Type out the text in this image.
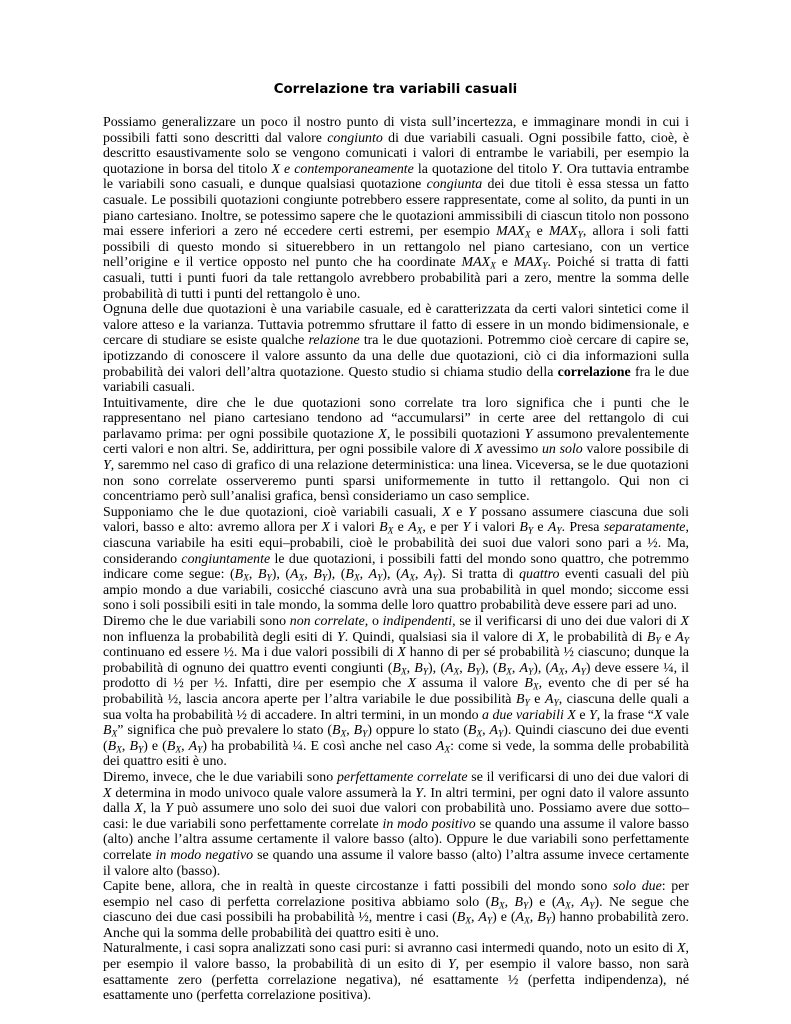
Correlazione tra variabili casuali

Possiamo generalizzare un poco il nostro punto di vista sull’incertezza, e immaginare mondi in cui i possibili fatti sono descritti dal valore congiunto di due variabili casuali. Ogni possibile fatto, cioè, è descritto esaustivamente solo se vengono comunicati i valori di entrambe le variabili, per esempio la quotazione in borsa del titolo X e contemporaneamente la quotazione del titolo Y. Ora tuttavia entrambe le variabili sono casuali, e dunque qualsiasi quotazione congiunta dei due titoli è essa stessa un fatto casuale. Le possibili quotazioni congiunte potrebbero essere rappresentate, come al solito, da punti in un piano cartesiano. Inoltre, se potessimo sapere che le quotazioni ammissibili di ciascun titolo non possono mai essere inferiori a zero né eccedere certi estremi, per esempio $MAX_X$ e $MAX_Y$, allora i soli fatti possibili di questo mondo si situerebbero in un rettangolo nel piano cartesiano, con un vertice nell’origine e il vertice opposto nel punto che ha coordinate $MAX_X$ e $MAX_Y$. Poiché si tratta di fatti casuali, tutti i punti fuori da tale rettangolo avrebbero probabilità pari a zero, mentre la somma delle probabilità di tutti i punti del rettangolo è uno.

Ognuna delle due quotazioni è una variabile casuale, ed è caratterizzata da certi valori sintetici come il valore atteso e la varianza. Tuttavia potremmo sfruttare il fatto di essere in un mondo bidimensionale, e cercare di studiare se esiste qualche relazione tra le due quotazioni. Potremmo cioè cercare di capire se, ipotizzando di conoscere il valore assunto da una delle due quotazioni, ciò ci dia informazioni sulla probabilità dei valori dell’altra quotazione. Questo studio si chiama studio della correlazione fra le due variabili casuali.

Intuitivamente, dire che le due quotazioni sono correlate tra loro significa che i punti che le rappresentano nel piano cartesiano tendono ad “accumularsi” in certe aree del rettangolo di cui parlavamo prima: per ogni possibile quotazione X, le possibili quotazioni Y assumono prevalentemente certi valori e non altri. Se, addirittura, per ogni possibile valore di X avessimo un solo valore possibile di Y, saremmo nel caso di grafico di una relazione deterministica: una linea. Viceversa, se le due quotazioni non sono correlate osserveremo punti sparsi uniformemente in tutto il rettangolo. Qui non ci concentriamo però sull’analisi grafica, bensì consideriamo un caso semplice.

Supponiamo che le due quotazioni, cioè variabili casuali, X e Y possano assumere ciascuna due soli valori, basso e alto: avremo allora per X i valori $B_X$ e $A_X$, e per Y i valori $B_Y$ e $A_Y$. Presa separatamente, ciascuna variabile ha esiti equi–probabili, cioè le probabilità dei suoi due valori sono pari a ½. Ma, considerando congiuntamente le due quotazioni, i possibili fatti del mondo sono quattro, che potremmo indicare come segue: ($B_X$, $B_Y$), ($A_X$, $B_Y$), ($B_X$, $A_Y$), ($A_X$, $A_Y$). Si tratta di quattro eventi casuali del più ampio mondo a due variabili, cosicché ciascuno avrà una sua probabilità in quel mondo; siccome essi sono i soli possibili esiti in tale mondo, la somma delle loro quattro probabilità deve essere pari ad uno.

Diremo che le due variabili sono non correlate, o indipendenti, se il verificarsi di uno dei due valori di X non influenza la probabilità degli esiti di Y. Quindi, qualsiasi sia il valore di X, le probabilità di $B_Y$ e $A_Y$ continuano ed essere ½. Ma i due valori possibili di X hanno di per sé probabilità ½ ciascuno; dunque la probabilità di ognuno dei quattro eventi congiunti ($B_X$, $B_Y$), ($A_X$, $B_Y$), ($B_X$, $A_Y$), ($A_X$, $A_Y$) deve essere ¼, il prodotto di ½ per ½. Infatti, dire per esempio che X assuma il valore $B_X$, evento che di per sé ha probabilità ½, lascia ancora aperte per l’altra variabile le due possibilità $B_Y$ e $A_Y$, ciascuna delle quali a sua volta ha probabilità ½ di accadere. In altri termini, in un mondo a due variabili X e Y, la frase “X vale $B_X$” significa che può prevalere lo stato ($B_X$, $B_Y$) oppure lo stato ($B_X$, $A_Y$). Quindi ciascuno dei due eventi ($B_X$, $B_Y$) e ($B_X$, $A_Y$) ha probabilità ¼. E così anche nel caso $A_X$: come si vede, la somma delle probabilità dei quattro esiti è uno.

Diremo, invece, che le due variabili sono perfettamente correlate se il verificarsi di uno dei due valori di X determina in modo univoco quale valore assumerà la Y. In altri termini, per ogni dato il valore assunto dalla X, la Y può assumere uno solo dei suoi due valori con probabilità uno. Possiamo avere due sotto–casi: le due variabili sono perfettamente correlate in modo positivo se quando una assume il valore basso (alto) anche l’altra assume certamente il valore basso (alto). Oppure le due variabili sono perfettamente correlate in modo negativo se quando una assume il valore basso (alto) l’altra assume invece certamente il valore alto (basso).

Capite bene, allora, che in realtà in queste circostanze i fatti possibili del mondo sono solo due: per esempio nel caso di perfetta correlazione positiva abbiamo solo ($B_X$, $B_Y$) e ($A_X$, $A_Y$). Ne segue che ciascuno dei due casi possibili ha probabilità ½, mentre i casi ($B_X$, $A_Y$) e ($A_X$, $B_Y$) hanno probabilità zero. Anche qui la somma delle probabilità dei quattro esiti è uno.

Naturalmente, i casi sopra analizzati sono casi puri: si avranno casi intermedi quando, noto un esito di X, per esempio il valore basso, la probabilità di un esito di Y, per esempio il valore basso, non sarà esattamente zero (perfetta correlazione negativa), né esattamente ½ (perfetta indipendenza), né esattamente uno (perfetta correlazione positiva).
